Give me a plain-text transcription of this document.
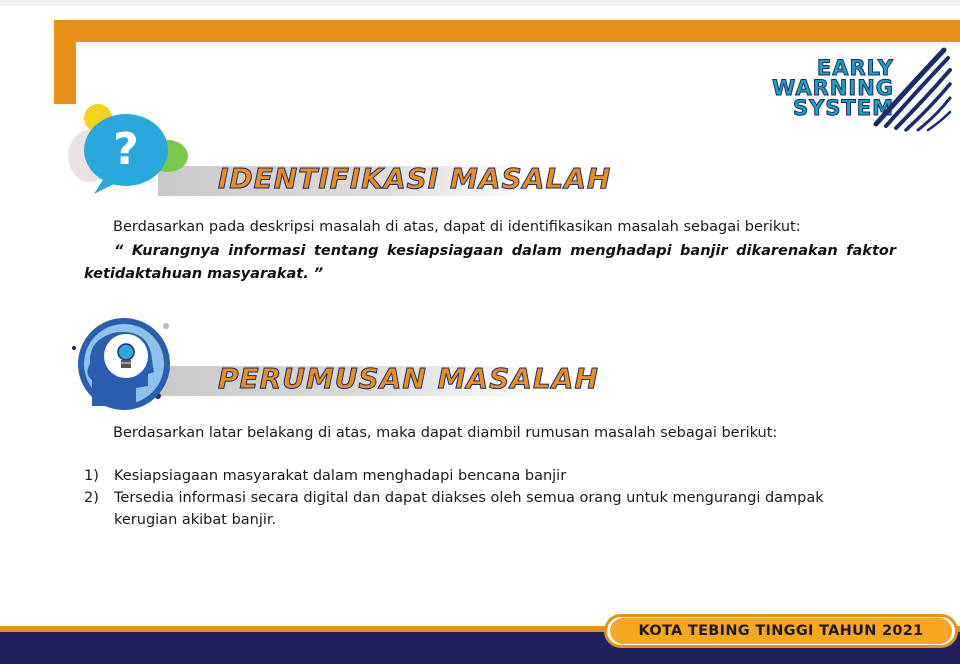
EARLY
WARNING
SYSTEM
?
IDENTIFIKASI MASALAH
Berdasarkan pada deskripsi masalah di atas, dapat di identifikasikan masalah sebagai berikut:
“ Kurangnya informasi tentang kesiapsiagaan dalam menghadapi banjir dikarenakan faktor ketidaktahuan masyarakat. ”
PERUMUSAN MASALAH
Berdasarkan latar belakang di atas, maka dapat diambil rumusan masalah sebagai berikut:
1)	Kesiapsiagaan masyarakat dalam menghadapi bencana banjir
2)	Tersedia informasi secara digital dan dapat diakses oleh semua orang untuk mengurangi dampak kerugian akibat banjir.
KOTA TEBING TINGGI TAHUN 2021
